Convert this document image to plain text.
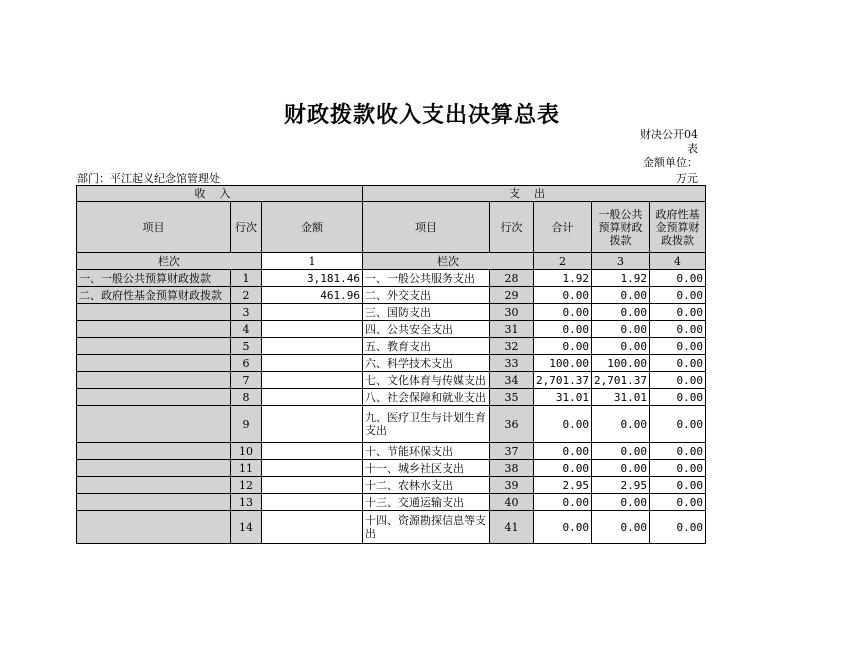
财政拨款收入支出决算总表
财决公开04
表
金额单位：
部门：平江起义纪念馆管理处	万元
收入			支出				
项目	行次	金额	项目	行次	合计	一般公共预算财政拨款	政府性基金预算财政拨款
栏次		1	栏次		2	3	4
一、一般公共预算财政拨款	1	3,181.46	一、一般公共服务支出	28	1.92	1.92	0.00
二、政府性基金预算财政拨款	2	461.96	二、外交支出	29	0.00	0.00	0.00
	3		三、国防支出	30	0.00	0.00	0.00
	4		四、公共安全支出	31	0.00	0.00	0.00
	5		五、教育支出	32	0.00	0.00	0.00
	6		六、科学技术支出	33	100.00	100.00	0.00
	7		七、文化体育与传媒支出	34	2,701.37	2,701.37	0.00
	8		八、社会保障和就业支出	35	31.01	31.01	0.00
	9		九、医疗卫生与计划生育支出	36	0.00	0.00	0.00
	10		十、节能环保支出	37	0.00	0.00	0.00
	11		十一、城乡社区支出	38	0.00	0.00	0.00
	12		十二、农林水支出	39	2.95	2.95	0.00
	13		十三、交通运输支出	40	0.00	0.00	0.00
	14		十四、资源勘探信息等支出	41	0.00	0.00	0.00
